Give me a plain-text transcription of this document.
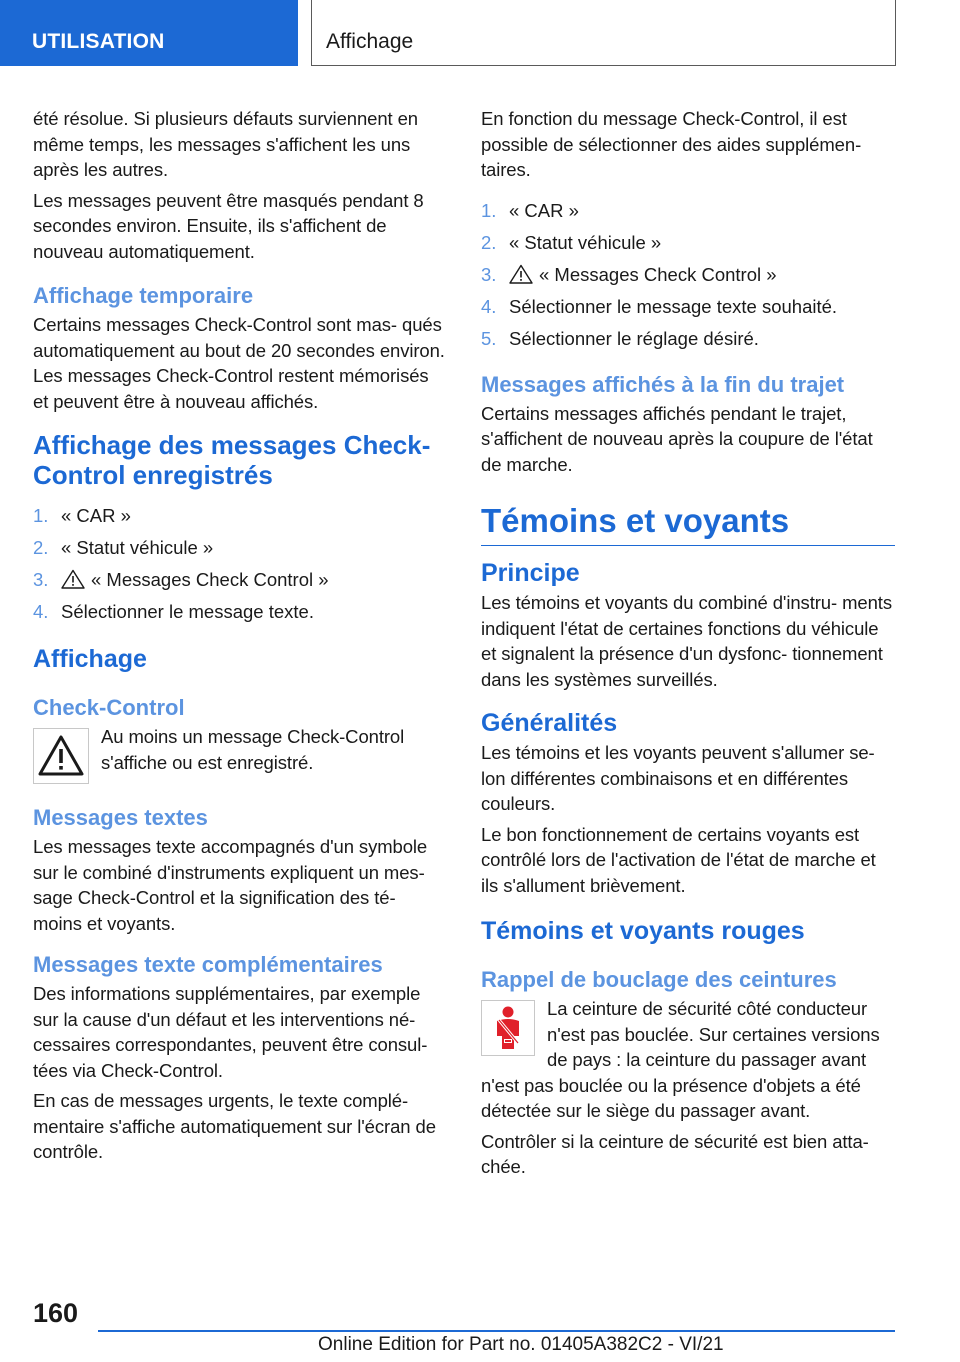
UTILISATION	Affichage

été résolue. Si plusieurs défauts surviennent en même temps, les messages s'affichent les uns après les autres.

Les messages peuvent être masqués pendant 8 secondes environ. Ensuite, ils s'affichent de nouveau automatiquement.

Affichage temporaire

Certains messages Check-Control sont mas‐ qués automatiquement au bout de 20 secondes environ. Les messages Check-Control restent mémorisés et peuvent être à nouveau affichés.

Affichage des messages Check- Control enregistrés
1. « CAR »
2. « Statut véhicule »
3. « Messages Check Control »
4. Sélectionner le message texte.
Affichage
Check-Control

Au moins un message Check-Control s'affiche ou est enregistré.

Messages textes

Les messages texte accompagnés d'un symbole sur le combiné d'instruments expliquent un mes‐ sage Check-Control et la signification des té‐ moins et voyants.

Messages texte complémentaires

Des informations supplémentaires, par exemple sur la cause d'un défaut et les interventions né‐ cessaires correspondantes, peuvent être consul‐ tées via Check-Control.

En cas de messages urgents, le texte complé‐ mentaire s'affiche automatiquement sur l'écran de contrôle.

En fonction du message Check-Control, il est possible de sélectionner des aides supplémen‐ taires.

1. « CAR »
2. « Statut véhicule »
3. « Messages Check Control »
4. Sélectionner le message texte souhaité.
5. Sélectionner le réglage désiré.
Messages affichés à la fin du trajet

Certains messages affichés pendant le trajet, s'affichent de nouveau après la coupure de l'état de marche.

Témoins et voyants
Principe

Les témoins et voyants du combiné d'instru‐ ments indiquent l'état de certaines fonctions du véhicule et signalent la présence d'un dysfonc‐ tionnement dans les systèmes surveillés.

Généralités

Les témoins et les voyants peuvent s'allumer se‐ lon différentes combinaisons et en différentes couleurs.

Le bon fonctionnement de certains voyants est contrôlé lors de l'activation de l'état de marche et ils s'allument brièvement.

Témoins et voyants rouges
Rappel de bouclage des ceintures

La ceinture de sécurité côté conducteur n'est pas bouclée. Sur certaines versions de pays : la ceinture du passager avant n'est pas bouclée ou la présence d'objets a été détectée sur le siège du passager avant.

Contrôler si la ceinture de sécurité est bien atta‐ chée.

160
Online Edition for Part no. 01405A382C2 - VI/21
